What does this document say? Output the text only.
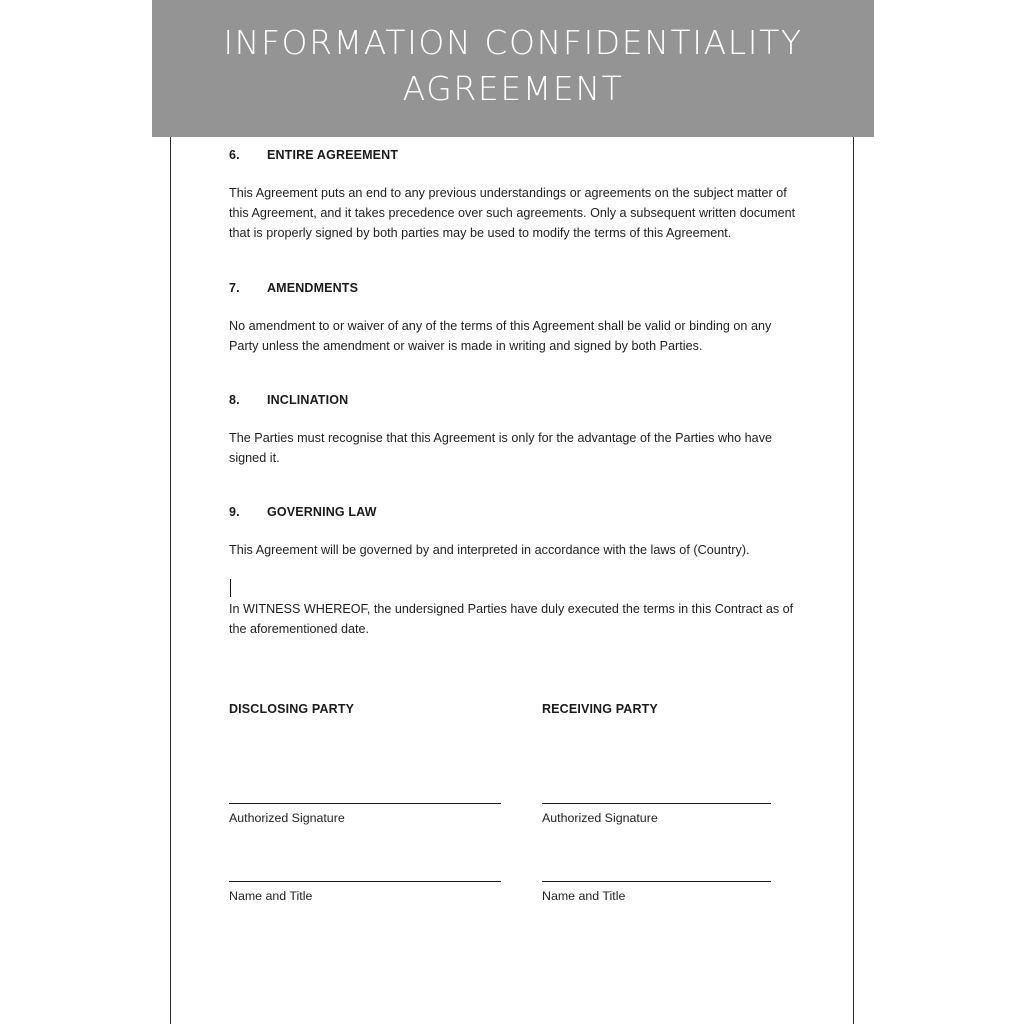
INFORMATION CONFIDENTIALITY AGREEMENT
6.	ENTIRE AGREEMENT

This Agreement puts an end to any previous understandings or agreements on the subject matter of this Agreement, and it takes precedence over such agreements. Only a subsequent written document that is properly signed by both parties may be used to modify the terms of this Agreement.

7.	AMENDMENTS

No amendment to or waiver of any of the terms of this Agreement shall be valid or binding on any Party unless the amendment or waiver is made in writing and signed by both Parties.

8.	INCLINATION

The Parties must recognise that this Agreement is only for the advantage of the Parties who have signed it.

9.	GOVERNING LAW

This Agreement will be governed by and interpreted in accordance with the laws of (Country).

In WITNESS WHEREOF, the undersigned Parties have duly executed the terms in this Contract as of the aforementioned date.

DISCLOSING PARTY

Authorized Signature

Name and Title

RECEIVING PARTY

Authorized Signature

Name and Title
